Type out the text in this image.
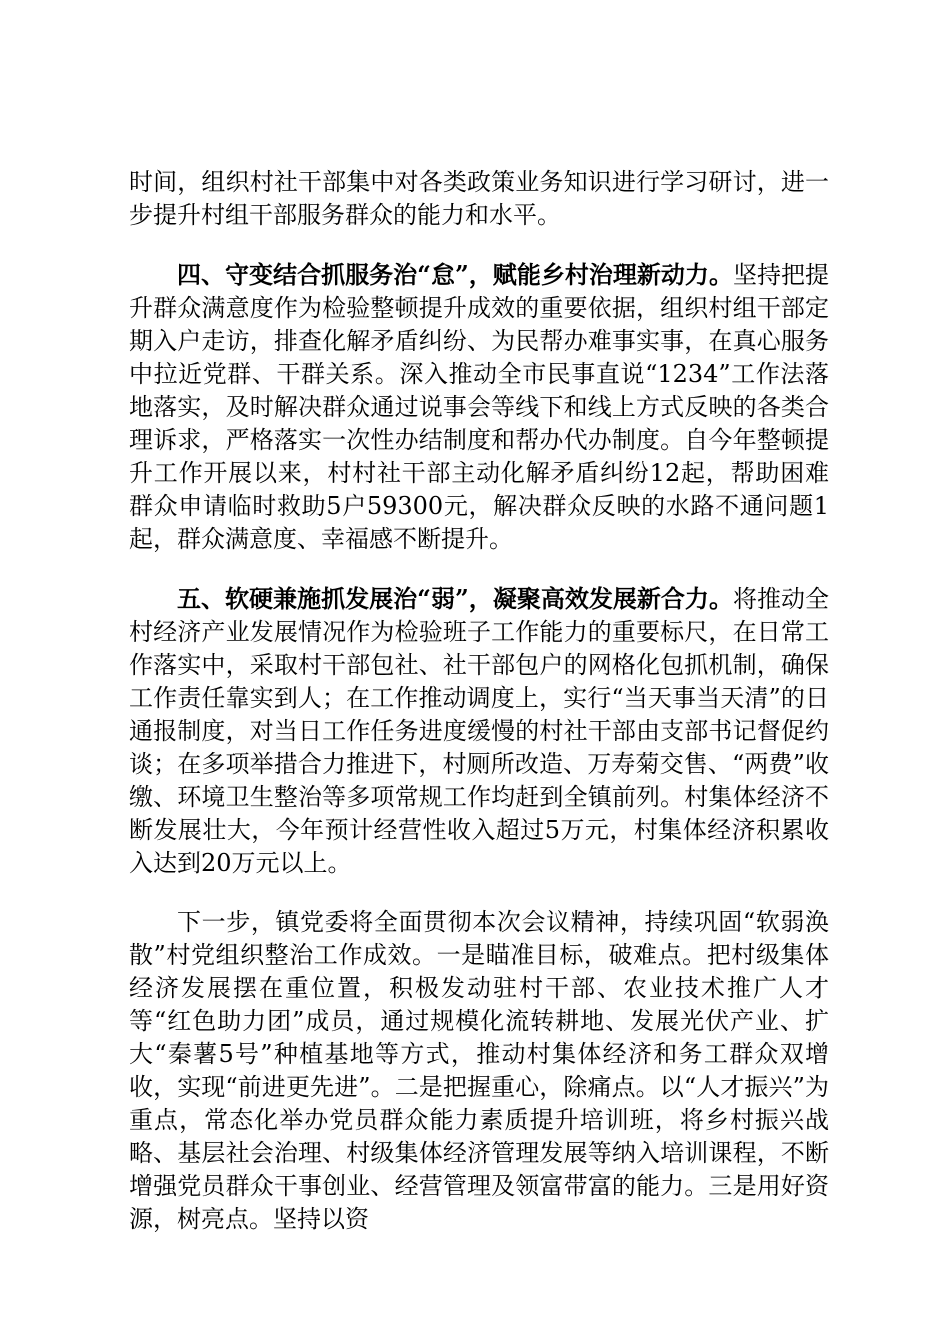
时间，组织村社干部集中对各类政策业务知识进行学习研讨，进一步提升村组干部服务群众的能力和水平。

四、守变结合抓服务治“怠”，赋能乡村治理新动力。坚持把提升群众满意度作为检验整顿提升成效的重要依据，组织村组干部定期入户走访，排查化解矛盾纠纷、为民帮办难事实事，在真心服务中拉近党群、干群关系。深入推动全市民事直说“1234”工作法落地落实，及时解决群众通过说事会等线下和线上方式反映的各类合理诉求，严格落实一次性办结制度和帮办代办制度。自今年整顿提升工作开展以来，村村社干部主动化解矛盾纠纷12起，帮助困难群众申请临时救助5户59300元，解决群众反映的水路不通问题1起，群众满意度、幸福感不断提升。

五、软硬兼施抓发展治“弱”，凝聚高效发展新合力。将推动全村经济产业发展情况作为检验班子工作能力的重要标尺，在日常工作落实中，采取村干部包社、社干部包户的网格化包抓机制，确保工作责任靠实到人；在工作推动调度上，实行“当天事当天清”的日通报制度，对当日工作任务进度缓慢的村社干部由支部书记督促约谈；在多项举措合力推进下，村厕所改造、万寿菊交售、“两费”收缴、环境卫生整治等多项常规工作均赶到全镇前列。村集体经济不断发展壮大，今年预计经营性收入超过5万元，村集体经济积累收入达到20万元以上。

下一步，镇党委将全面贯彻本次会议精神，持续巩固“软弱涣散”村党组织整治工作成效。一是瞄准目标，破难点。把村级集体经济发展摆在重位置，积极发动驻村干部、农业技术推广人才等“红色助力团”成员，通过规模化流转耕地、发展光伏产业、扩大“秦薯5号”种植基地等方式，推动村集体经济和务工群众双增收，实现“前进更先进”。二是把握重心，除痛点。以“人才振兴”为重点，常态化举办党员群众能力素质提升培训班，将乡村振兴战略、基层社会治理、村级集体经济管理发展等纳入培训课程，不断增强党员群众干事创业、经营管理及领富带富的能力。三是用好资源，树亮点。坚持以资
